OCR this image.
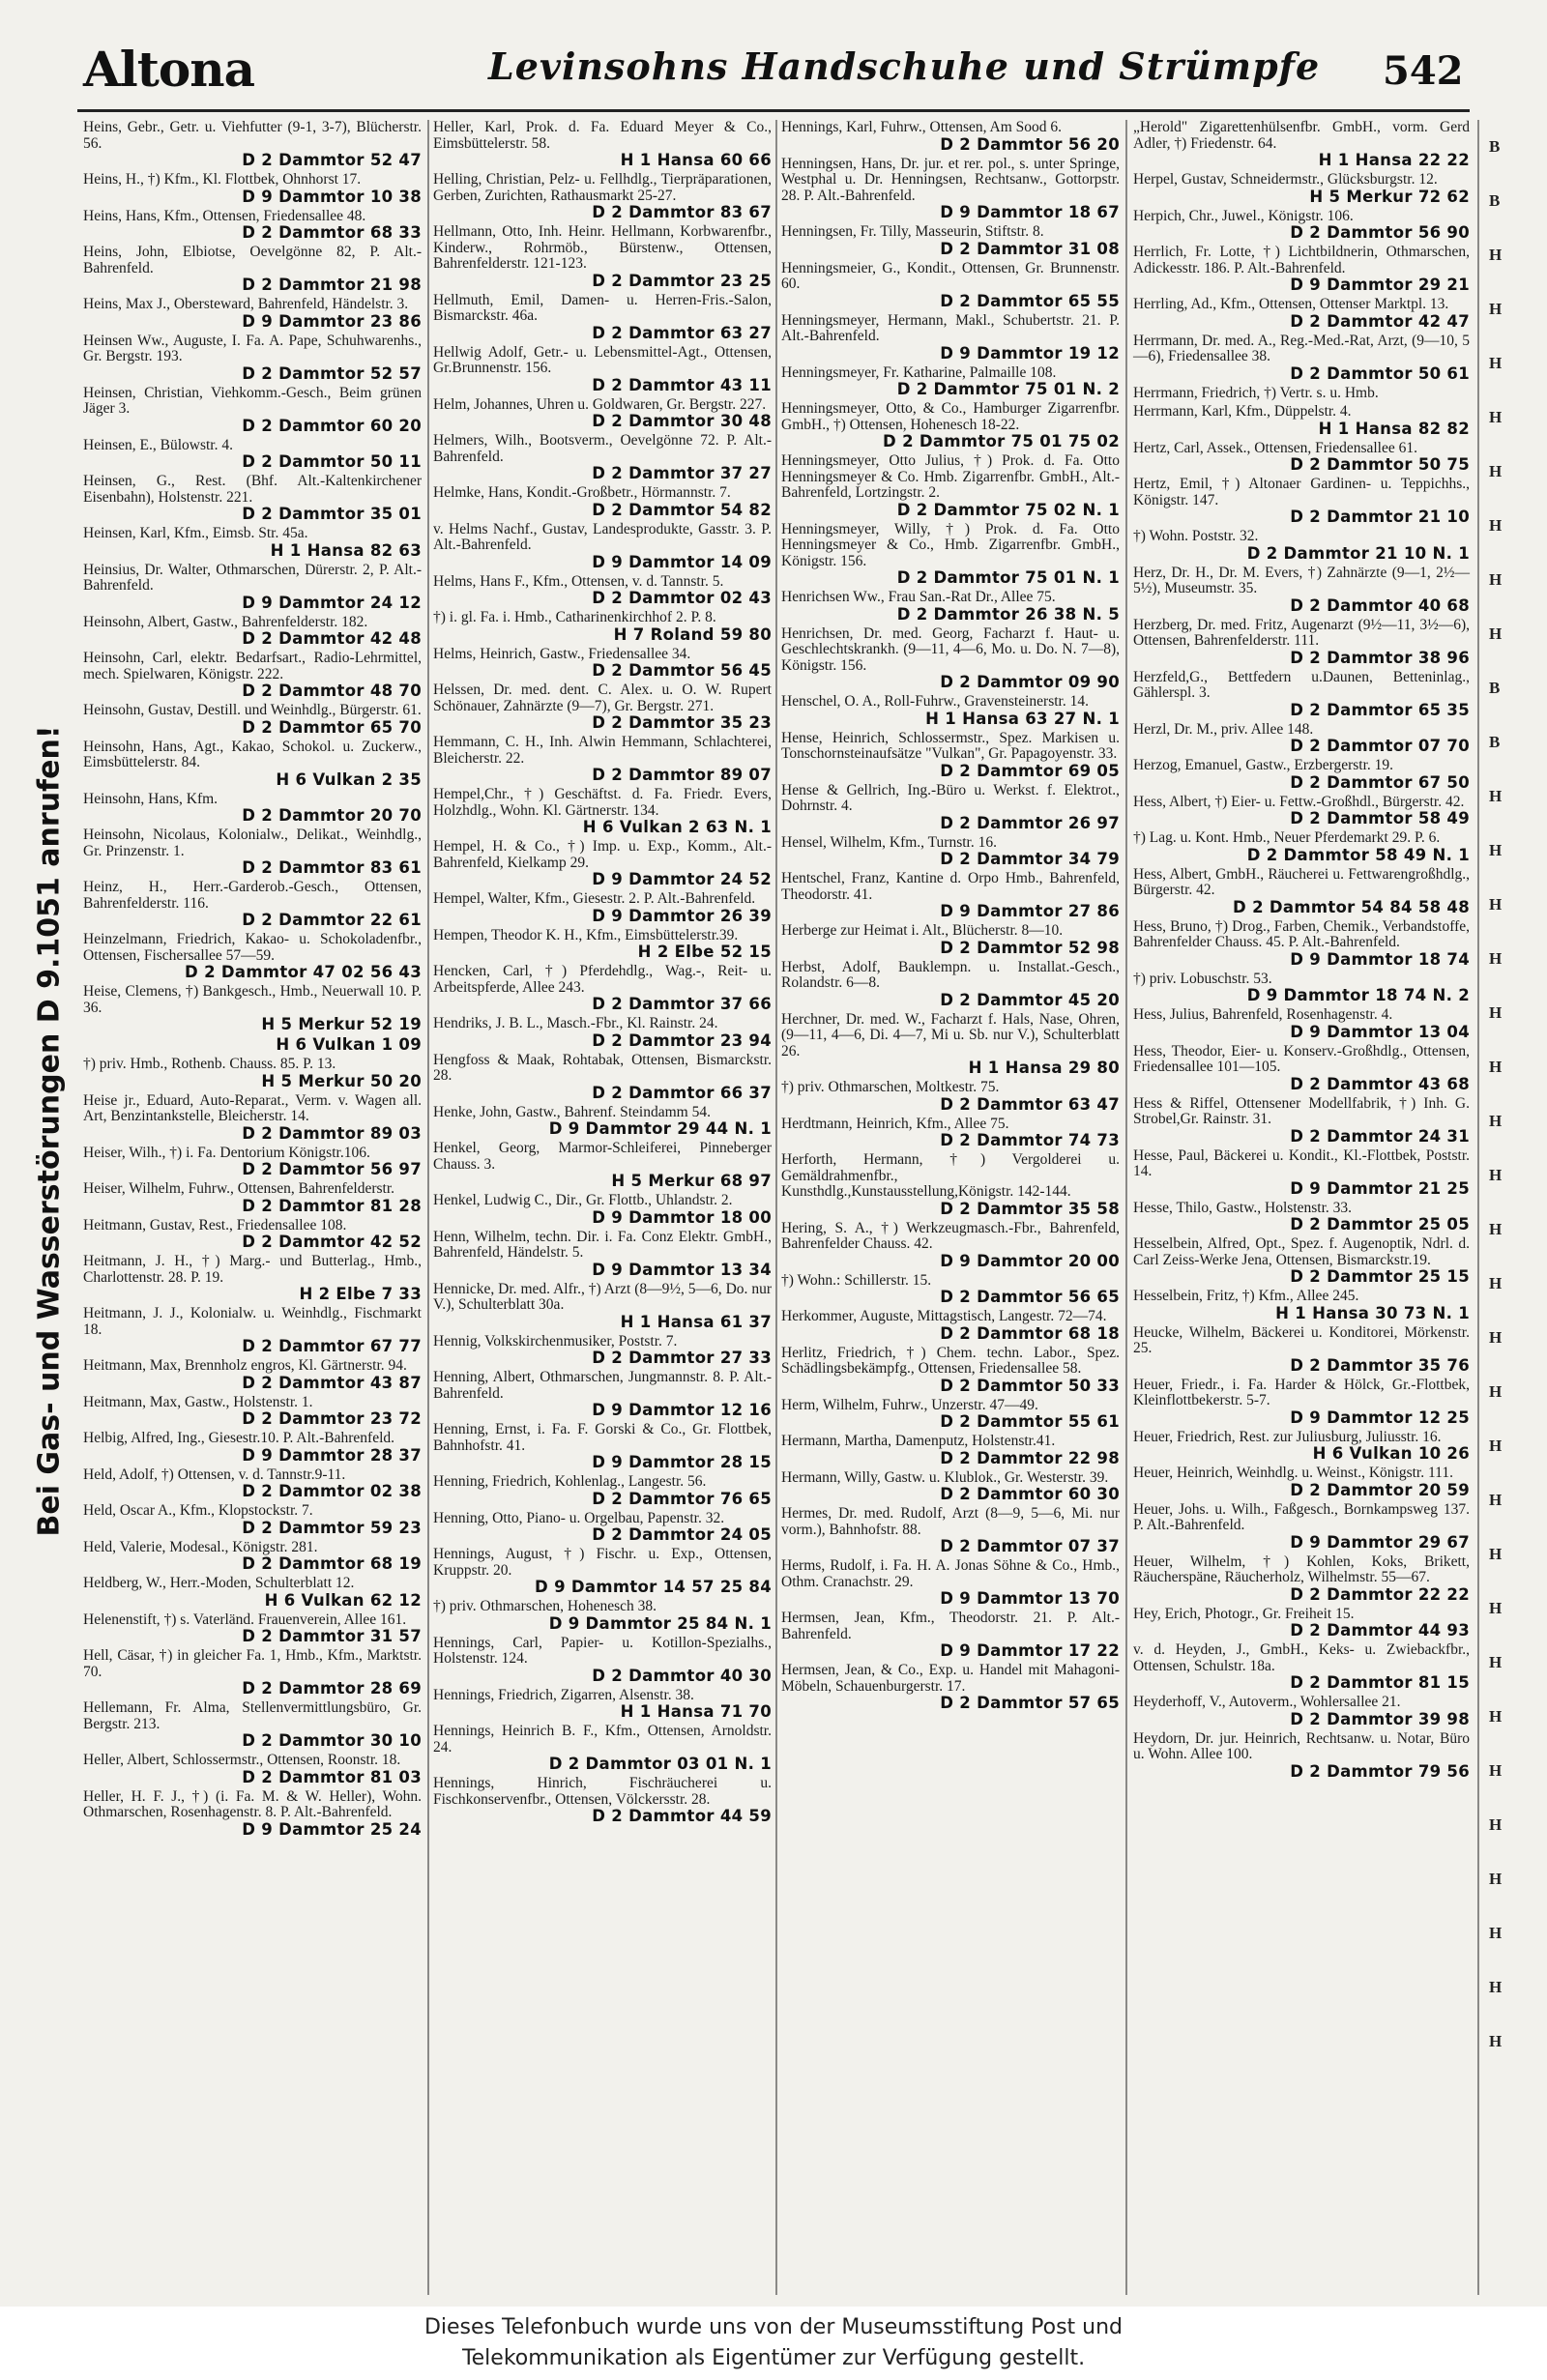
Altona	Levinsohns Handschuhe und Strümpfe 542
Bei Gas- und Wasserstörungen D 9.1051 anrufen!
Heins, Gebr., Getr. u. Viehfutter (9-1, 3-7), Blücherstr. 56.
D 2 Dammtor 52 47
Heins, H., †) Kfm., Kl. Flottbek, Ohnhorst 17.
D 9 Dammtor 10 38
Heins, Hans, Kfm., Ottensen, Friedensallee 48.
D 2 Dammtor 68 33
Heins, John, Elbiotse, Oevelgönne 82, P. Alt.-Bahrenfeld.
D 2 Dammtor 21 98
Heins, Max J., Obersteward, Bahrenfeld, Händelstr. 3.
D 9 Dammtor 23 86
Heinsen Ww., Auguste, I. Fa. A. Pape, Schuhwarenhs., Gr. Bergstr. 193.
D 2 Dammtor 52 57
Heinsen, Christian, Viehkomm.-Gesch., Beim grünen Jäger 3.
D 2 Dammtor 60 20
Heinsen, E., Bülowstr. 4.
D 2 Dammtor 50 11
Heinsen, G., Rest. (Bhf. Alt.-Kaltenkirchener Eisenbahn), Holstenstr. 221.
D 2 Dammtor 35 01
Heinsen, Karl, Kfm., Eimsb. Str. 45a.
H 1 Hansa 82 63
Heinsius, Dr. Walter, Othmarschen, Dürerstr. 2, P. Alt.-Bahrenfeld.
D 9 Dammtor 24 12
Heinsohn, Albert, Gastw., Bahrenfelderstr. 182.
D 2 Dammtor 42 48
Heinsohn, Carl, elektr. Bedarfsart., Radio-Lehrmittel, mech. Spielwaren, Königstr. 222.
D 2 Dammtor 48 70
Heinsohn, Gustav, Destill. und Weinhdlg., Bürgerstr. 61.
D 2 Dammtor 65 70
Heinsohn, Hans, Agt., Kakao, Schokol. u. Zuckerw., Eimsbüttelerstr. 84.
H 6 Vulkan 2 35
Heinsohn, Hans, Kfm.
D 2 Dammtor 20 70
Heinsohn, Nicolaus, Kolonialw., Delikat., Weinhdlg., Gr. Prinzenstr. 1.
D 2 Dammtor 83 61
Heinz, H., Herr.-Garderob.-Gesch., Ottensen, Bahrenfelderstr. 116.
D 2 Dammtor 22 61
Heinzelmann, Friedrich, Kakao- u. Schokoladenfbr., Ottensen, Fischersallee 57—59.
D 2 Dammtor 47 02 56 43
Heise, Clemens, †) Bankgesch., Hmb., Neuerwall 10. P. 36.
H 5 Merkur 52 19
H 6 Vulkan 1 09
†) priv. Hmb., Rothenb. Chauss. 85. P. 13.
H 5 Merkur 50 20
Heise jr., Eduard, Auto-Reparat., Verm. v. Wagen all. Art, Benzintankstelle, Bleicherstr. 14.
D 2 Dammtor 89 03
Heiser, Wilh., †) i. Fa. Dentorium Königstr.106.
D 2 Dammtor 56 97
Heiser, Wilhelm, Fuhrw., Ottensen, Bahrenfelderstr.
D 2 Dammtor 81 28
Heitmann, Gustav, Rest., Friedensallee 108.
D 2 Dammtor 42 52
Heitmann, J. H., †) Marg.- und Butterlag., Hmb., Charlottenstr. 28. P. 19.
H 2 Elbe 7 33
Heitmann, J. J., Kolonialw. u. Weinhdlg., Fischmarkt 18.
D 2 Dammtor 67 77
Heitmann, Max, Brennholz engros, Kl. Gärtnerstr. 94.
D 2 Dammtor 43 87
Heitmann, Max, Gastw., Holstenstr. 1.
D 2 Dammtor 23 72
Helbig, Alfred, Ing., Giesestr.10. P. Alt.-Bahrenfeld.
D 9 Dammtor 28 37
Held, Adolf, †) Ottensen, v. d. Tannstr.9-11.
D 2 Dammtor 02 38
Held, Oscar A., Kfm., Klopstockstr. 7.
D 2 Dammtor 59 23
Held, Valerie, Modesal., Königstr. 281.
D 2 Dammtor 68 19
Heldberg, W., Herr.-Moden, Schulterblatt 12.
H 6 Vulkan 62 12
Helenenstift, †) s. Vaterländ. Frauenverein, Allee 161.
D 2 Dammtor 31 57
Hell, Cäsar, †) in gleicher Fa. 1, Hmb., Kfm., Marktstr. 70.
D 2 Dammtor 28 69
Hellemann, Fr. Alma, Stellenvermittlungsbüro, Gr. Bergstr. 213.
D 2 Dammtor 30 10
Heller, Albert, Schlossermstr., Ottensen, Roonstr. 18.
D 2 Dammtor 81 03
Heller, H. F. J., †) (i. Fa. M. & W. Heller), Wohn. Othmarschen, Rosenhagenstr. 8. P. Alt.-Bahrenfeld.
D 9 Dammtor 25 24
Heller, Karl, Prok. d. Fa. Eduard Meyer & Co., Eimsbüttelerstr. 58.
H 1 Hansa 60 66
Helling, Christian, Pelz- u. Fellhdlg., Tierpräparationen, Gerben, Zurichten, Rathausmarkt 25-27.
D 2 Dammtor 83 67
Hellmann, Otto, Inh. Heinr. Hellmann, Korbwarenfbr., Kinderw., Rohrmöb., Bürstenw., Ottensen, Bahrenfelderstr. 121-123.
D 2 Dammtor 23 25
Hellmuth, Emil, Damen- u. Herren-Fris.-Salon, Bismarckstr. 46a.
D 2 Dammtor 63 27
Hellwig Adolf, Getr.- u. Lebensmittel-Agt., Ottensen, Gr.Brunnenstr. 156.
D 2 Dammtor 43 11
Helm, Johannes, Uhren u. Goldwaren, Gr. Bergstr. 227.
D 2 Dammtor 30 48
Helmers, Wilh., Bootsverm., Oevelgönne 72. P. Alt.-Bahrenfeld.
D 2 Dammtor 37 27
Helmke, Hans, Kondit.-Großbetr., Hörmannstr. 7.
D 2 Dammtor 54 82
v. Helms Nachf., Gustav, Landesprodukte, Gasstr. 3. P. Alt.-Bahrenfeld.
D 9 Dammtor 14 09
Helms, Hans F., Kfm., Ottensen, v. d. Tannstr. 5.
D 2 Dammtor 02 43
†) i. gl. Fa. i. Hmb., Catharinenkirchhof 2. P. 8.
H 7 Roland 59 80
Helms, Heinrich, Gastw., Friedensallee 34.
D 2 Dammtor 56 45
Helssen, Dr. med. dent. C. Alex. u. O. W. Rupert Schönauer, Zahnärzte (9—7), Gr. Bergstr. 271.
D 2 Dammtor 35 23
Hemmann, C. H., Inh. Alwin Hemmann, Schlachterei, Bleicherstr. 22.
D 2 Dammtor 89 07
Hempel,Chr., †) Geschäftst. d. Fa. Friedr. Evers, Holzhdlg., Wohn. Kl. Gärtnerstr. 134.
H 6 Vulkan 2 63 N. 1
Hempel, H. & Co., †) Imp. u. Exp., Komm., Alt.-Bahrenfeld, Kielkamp 29.
D 9 Dammtor 24 52
Hempel, Walter, Kfm., Giesestr. 2. P. Alt.-Bahrenfeld.
D 9 Dammtor 26 39
Hempen, Theodor K. H., Kfm., Eimsbüttelerstr.39.
H 2 Elbe 52 15
Hencken, Carl, †) Pferdehdlg., Wag.-, Reit- u. Arbeitspferde, Allee 243.
D 2 Dammtor 37 66
Hendriks, J. B. L., Masch.-Fbr., Kl. Rainstr. 24.
D 2 Dammtor 23 94
Hengfoss & Maak, Rohtabak, Ottensen, Bismarckstr. 28.
D 2 Dammtor 66 37
Henke, John, Gastw., Bahrenf. Steindamm 54.
D 9 Dammtor 29 44 N. 1
Henkel, Georg, Marmor-Schleiferei, Pinneberger Chauss. 3.
H 5 Merkur 68 97
Henkel, Ludwig C., Dir., Gr. Flottb., Uhlandstr. 2.
D 9 Dammtor 18 00
Henn, Wilhelm, techn. Dir. i. Fa. Conz Elektr. GmbH., Bahrenfeld, Händelstr. 5.
D 9 Dammtor 13 34
Hennicke, Dr. med. Alfr., †) Arzt (8—9½, 5—6, Do. nur V.), Schulterblatt 30a.
H 1 Hansa 61 37
Hennig, Volkskirchenmusiker, Poststr. 7.
D 2 Dammtor 27 33
Henning, Albert, Othmarschen, Jungmannstr. 8. P. Alt.-Bahrenfeld.
D 9 Dammtor 12 16
Henning, Ernst, i. Fa. F. Gorski & Co., Gr. Flottbek, Bahnhofstr. 41.
D 9 Dammtor 28 15
Henning, Friedrich, Kohlenlag., Langestr. 56.
D 2 Dammtor 76 65
Henning, Otto, Piano- u. Orgelbau, Papenstr. 32.
D 2 Dammtor 24 05
Hennings, August, †) Fischr. u. Exp., Ottensen, Kruppstr. 20.
D 9 Dammtor 14 57 25 84
†) priv. Othmarschen, Hohenesch 38.
D 9 Dammtor 25 84 N. 1
Hennings, Carl, Papier- u. Kotillon-Spezialhs., Holstenstr. 124.
D 2 Dammtor 40 30
Hennings, Friedrich, Zigarren, Alsenstr. 38.
H 1 Hansa 71 70
Hennings, Heinrich B. F., Kfm., Ottensen, Arnoldstr. 24.
D 2 Dammtor 03 01 N. 1
Hennings, Hinrich, Fischräucherei u. Fischkonservenfbr., Ottensen, Völckersstr. 28.
D 2 Dammtor 44 59
Hennings, Karl, Fuhrw., Ottensen, Am Sood 6.
D 2 Dammtor 56 20
Henningsen, Hans, Dr. jur. et rer. pol., s. unter Springe, Westphal u. Dr. Henningsen, Rechtsanw., Gottorpstr. 28. P. Alt.-Bahrenfeld.
D 9 Dammtor 18 67
Henningsen, Fr. Tilly, Masseurin, Stiftstr. 8.
D 2 Dammtor 31 08
Henningsmeier, G., Kondit., Ottensen, Gr. Brunnenstr. 60.
D 2 Dammtor 65 55
Henningsmeyer, Hermann, Makl., Schubertstr. 21. P. Alt.-Bahrenfeld.
D 9 Dammtor 19 12
Henningsmeyer, Fr. Katharine, Palmaille 108.
D 2 Dammtor 75 01 N. 2
Henningsmeyer, Otto, & Co., Hamburger Zigarrenfbr. GmbH., †) Ottensen, Hohenesch 18-22.
D 2 Dammtor 75 01 75 02
Henningsmeyer, Otto Julius, †) Prok. d. Fa. Otto Henningsmeyer & Co. Hmb. Zigarrenfbr. GmbH., Alt.-Bahrenfeld, Lortzingstr. 2.
D 2 Dammtor 75 02 N. 1
Henningsmeyer, Willy, †) Prok. d. Fa. Otto Henningsmeyer & Co., Hmb. Zigarrenfbr. GmbH., Königstr. 156.
D 2 Dammtor 75 01 N. 1
Henrichsen Ww., Frau San.-Rat Dr., Allee 75.
D 2 Dammtor 26 38 N. 5
Henrichsen, Dr. med. Georg, Facharzt f. Haut- u. Geschlechtskrankh. (9—11, 4—6, Mo. u. Do. N. 7—8), Königstr. 156.
D 2 Dammtor 09 90
Henschel, O. A., Roll-Fuhrw., Gravensteinerstr. 14.
H 1 Hansa 63 27 N. 1
Hense, Heinrich, Schlossermstr., Spez. Markisen u. Tonschornsteinaufsätze "Vulkan", Gr. Papagoyenstr. 33.
D 2 Dammtor 69 05
Hense & Gellrich, Ing.-Büro u. Werkst. f. Elektrot., Dohrnstr. 4.
D 2 Dammtor 26 97
Hensel, Wilhelm, Kfm., Turnstr. 16.
D 2 Dammtor 34 79
Hentschel, Franz, Kantine d. Orpo Hmb., Bahrenfeld, Theodorstr. 41.
D 9 Dammtor 27 86
Herberge zur Heimat i. Alt., Blücherstr. 8—10.
D 2 Dammtor 52 98
Herbst, Adolf, Bauklempn. u. Installat.-Gesch., Rolandstr. 6—8.
D 2 Dammtor 45 20
Herchner, Dr. med. W., Facharzt f. Hals, Nase, Ohren, (9—11, 4—6, Di. 4—7, Mi u. Sb. nur V.), Schulterblatt 26.
H 1 Hansa 29 80
†) priv. Othmarschen, Moltkestr. 75.
D 2 Dammtor 63 47
Herdtmann, Heinrich, Kfm., Allee 75.
D 2 Dammtor 74 73
Herforth, Hermann, †) Vergolderei u. Gemäldrahmenfbr., Kunsthdlg.,Kunstausstellung,Königstr. 142-144.
D 2 Dammtor 35 58
Hering, S. A., †) Werkzeugmasch.-Fbr., Bahrenfeld, Bahrenfelder Chauss. 42.
D 9 Dammtor 20 00
†) Wohn.: Schillerstr. 15.
D 2 Dammtor 56 65
Herkommer, Auguste, Mittagstisch, Langestr. 72—74.
D 2 Dammtor 68 18
Herlitz, Friedrich, †) Chem. techn. Labor., Spez. Schädlingsbekämpfg., Ottensen, Friedensallee 58.
D 2 Dammtor 50 33
Herm, Wilhelm, Fuhrw., Unzerstr. 47—49.
D 2 Dammtor 55 61
Hermann, Martha, Damenputz, Holstenstr.41.
D 2 Dammtor 22 98
Hermann, Willy, Gastw. u. Klublok., Gr. Westerstr. 39.
D 2 Dammtor 60 30
Hermes, Dr. med. Rudolf, Arzt (8—9, 5—6, Mi. nur vorm.), Bahnhofstr. 88.
D 2 Dammtor 07 37
Herms, Rudolf, i. Fa. H. A. Jonas Söhne & Co., Hmb., Othm. Cranachstr. 29.
D 9 Dammtor 13 70
Hermsen, Jean, Kfm., Theodorstr. 21. P. Alt.-Bahrenfeld.
D 9 Dammtor 17 22
Hermsen, Jean, & Co., Exp. u. Handel mit Mahagoni-Möbeln, Schauenburgerstr. 17.
D 2 Dammtor 57 65
„Herold" Zigarettenhülsenfbr. GmbH., vorm. Gerd Adler, †) Friedenstr. 64.
H 1 Hansa 22 22
Herpel, Gustav, Schneidermstr., Glücksburgstr. 12.
H 5 Merkur 72 62
Herpich, Chr., Juwel., Königstr. 106.
D 2 Dammtor 56 90
Herrlich, Fr. Lotte, †) Lichtbildnerin, Othmarschen, Adickesstr. 186. P. Alt.-Bahrenfeld.
D 9 Dammtor 29 21
Herrling, Ad., Kfm., Ottensen, Ottenser Marktpl. 13.
D 2 Dammtor 42 47
Herrmann, Dr. med. A., Reg.-Med.-Rat, Arzt, (9—10, 5—6), Friedensallee 38.
D 2 Dammtor 50 61
Herrmann, Friedrich, †) Vertr. s. u. Hmb.
Herrmann, Karl, Kfm., Düppelstr. 4.
H 1 Hansa 82 82
Hertz, Carl, Assek., Ottensen, Friedensallee 61.
D 2 Dammtor 50 75
Hertz, Emil, †) Altonaer Gardinen- u. Teppichhs., Königstr. 147.
D 2 Dammtor 21 10
†) Wohn. Poststr. 32.
D 2 Dammtor 21 10 N. 1
Herz, Dr. H., Dr. M. Evers, †) Zahnärzte (9—1, 2½—5½), Museumstr. 35.
D 2 Dammtor 40 68
Herzberg, Dr. med. Fritz, Augenarzt (9½—11, 3½—6), Ottensen, Bahrenfelderstr. 111.
D 2 Dammtor 38 96
Herzfeld,G., Bettfedern u.Daunen, Betteninlag., Gählerspl. 3.
D 2 Dammtor 65 35
Herzl, Dr. M., priv. Allee 148.
D 2 Dammtor 07 70
Herzog, Emanuel, Gastw., Erzbergerstr. 19.
D 2 Dammtor 67 50
Hess, Albert, †) Eier- u. Fettw.-Großhdl., Bürgerstr. 42.
D 2 Dammtor 58 49
†) Lag. u. Kont. Hmb., Neuer Pferdemarkt 29. P. 6.
D 2 Dammtor 58 49 N. 1
Hess, Albert, GmbH., Räucherei u. Fettwarengroßhdlg., Bürgerstr. 42.
D 2 Dammtor 54 84 58 48
Hess, Bruno, †) Drog., Farben, Chemik., Verbandstoffe, Bahrenfelder Chauss. 45. P. Alt.-Bahrenfeld.
D 9 Dammtor 18 74
†) priv. Lobuschstr. 53.
D 9 Dammtor 18 74 N. 2
Hess, Julius, Bahrenfeld, Rosenhagenstr. 4.
D 9 Dammtor 13 04
Hess, Theodor, Eier- u. Konserv.-Großhdlg., Ottensen, Friedensallee 101—105.
D 2 Dammtor 43 68
Hess & Riffel, Ottensener Modellfabrik, †) Inh. G. Strobel,Gr. Rainstr. 31.
D 2 Dammtor 24 31
Hesse, Paul, Bäckerei u. Kondit., Kl.-Flottbek, Poststr. 14.
D 9 Dammtor 21 25
Hesse, Thilo, Gastw., Holstenstr. 33.
D 2 Dammtor 25 05
Hesselbein, Alfred, Opt., Spez. f. Augenoptik, Ndrl. d. Carl Zeiss-Werke Jena, Ottensen, Bismarckstr.19.
D 2 Dammtor 25 15
Hesselbein, Fritz, †) Kfm., Allee 245.
H 1 Hansa 30 73 N. 1
Heucke, Wilhelm, Bäckerei u. Konditorei, Mörkenstr. 25.
D 2 Dammtor 35 76
Heuer, Friedr., i. Fa. Harder & Hölck, Gr.-Flottbek, Kleinflottbekerstr. 5-7.
D 9 Dammtor 12 25
Heuer, Friedrich, Rest. zur Juliusburg, Juliusstr. 16.
H 6 Vulkan 10 26
Heuer, Heinrich, Weinhdlg. u. Weinst., Königstr. 111.
D 2 Dammtor 20 59
Heuer, Johs. u. Wilh., Faßgesch., Bornkampsweg 137. P. Alt.-Bahrenfeld.
D 9 Dammtor 29 67
Heuer, Wilhelm, †) Kohlen, Koks, Brikett, Räucherspäne, Räucherholz, Wilhelmstr. 55—67.
D 2 Dammtor 22 22
Hey, Erich, Photogr., Gr. Freiheit 15.
D 2 Dammtor 44 93
v. d. Heyden, J., GmbH., Keks- u. Zwiebackfbr., Ottensen, Schulstr. 18a.
D 2 Dammtor 81 15
Heyderhoff, V., Autoverm., Wohlersallee 21.
D 2 Dammtor 39 98
Heydorn, Dr. jur. Heinrich, Rechtsanw. u. Notar, Büro u. Wohn. Allee 100.
D 2 Dammtor 79 56
B
B
H
H
H
H
H
H
H
H
B
B
H
H
H
H
H
H
H
H
H
H
H
H
H
H
H
H
H
H
H
H
H
H
H
H
Dieses Telefonbuch wurde uns von der Museumsstiftung Post und
Telekommunikation als Eigentümer zur Verfügung gestellt.
